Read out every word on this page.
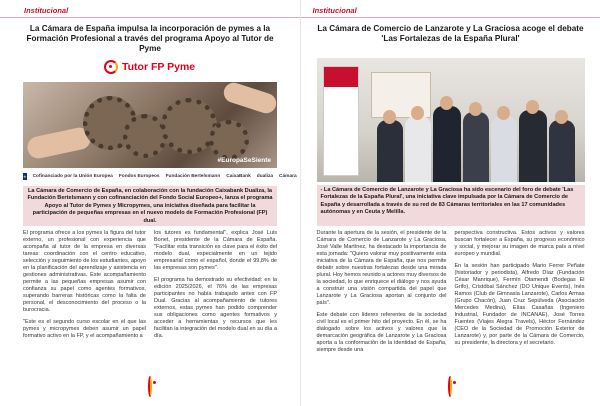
Institucional
La Cámara de España impulsa la incorporación de pymes a la Formación Profesional a través del programa Apoyo al Tutor de Pyme
Tutor FP Pyme
#EuropaSeSiente
★ Cofinanciado por la Unión Europea Fondos Europeos Fundación Bertelsmann CaixaBank dualiza Cámara
La Cámara de Comercio de España, en colaboración con la fundación Caixabank Dualiza, la Fundación Bertelsmann y con cofinanciación del Fondo Social Europeo+, lanza el programa Apoyo al Tutor de Pymes y Micropymes, una iniciativa diseñada para facilitar la participación de pequeñas empresas en el nuevo modelo de Formación Profesional (FP) dual.

El programa ofrece a los pymes la figura del tutor externo, un profesional con experiencia que acompaña al tutor de la empresa en diversas tareas: coordinación con el centro educativo, selección y seguimiento de los estudiantes, apoyo en la planificación del aprendizaje y asistencia en gestiones administrativas. Este acompañamiento permite a las pequeñas empresas asumir con confianza su papel como agentes formativos, superando barreras históricas como la falta de personal, el desconocimiento del proceso o la burocracia.

"Este es el segundo curso escolar en el que las pymes y micropymes deben asumir un papel formativo activo en la FP, y el acompañamiento a

los tutores es fundamental", explica José Luis Bonet, presidente de la Cámara de España. "Facilitar esta transición es clave para el éxito del modelo dual, especialmente en un tejido empresarial como el español, donde el 99,8% de las empresas son pymes".

El programa ha demostrado su efectividad: en la edición 2025/2026, el 76% de las empresas participantes no había trabajado antes con FP Dual. Gracias al acompañamiento de tutores externos, estas pymes han podido comprender sus obligaciones como agentes formativos y acceder a herramientas y recursos que les facilitan la integración del modelo dual en su día a día.

Institucional
La Cámara de Comercio de Lanzarote y La Graciosa acoge el debate 'Las Fortalezas de la España Plural'
- La Cámara de Comercio de Lanzarote y La Graciosa ha sido escenario del foro de debate 'Las Fortalezas de la España Plural', una iniciativa clave impulsada por la Cámara de Comercio de España y desarrollada a través de su red de 83 Cámaras territoriales en las 17 comunidades autónomas y en Ceuta y Melilla.

Durante la apertura de la sesión, el presidente de la Cámara de Comercio de Lanzarote y La Graciosa, José Valle Martínez, ha destacado la importancia de esta jornada: "Quiero valorar muy positivamente esta iniciativa de la Cámara de España, que nos permite debatir sobre nuestras fortalezas desde una mirada plural. Hoy hemos reunido a actores muy diversos de la sociedad, lo que enriquece el diálogo y nos ayuda a construir una visión compartida del papel que Lanzarote y La Graciosa aportan al conjunto del país".

Este debate con líderes referentes de la sociedad civil local es el primer hito del proyecto. En él, se ha dialogado sobre los activos y valores que la demarcación geográfica de Lanzarote y La Graciosa aporta a la conformación de la identidad de España, siempre desde una

perspectiva constructiva. Estos activos y valores buscan fortalecer a España, su progreso económico y social, y mejorar su imagen de marca país a nivel europeo y mundial.

En la sesión han participado Mario Ferrer Peñate (historiador y periodista), Alfredo Díaz (Fundación César Manrique), Fermín Otamendi (Bodegas El Grifo), Cristóbal Sánchez (DO Unique Events), Inés Ramos (Club de Gimnasia Lanzarote), Carlos Armas (Grupo Chacón), Juan Cruz Sepúlveda (Asociación Mercedes Medina), Elías Casañas (Ingeniero Industrial, Fundador de INCANAE), José Torres Fuentes (Viajes Alegra Travels), Héctor Fernández (CEO de la Sociedad de Promoción Exterior de Lanzarote) y, por parte de la Cámara de Comercio, su presidente, la directora y el secretario.
